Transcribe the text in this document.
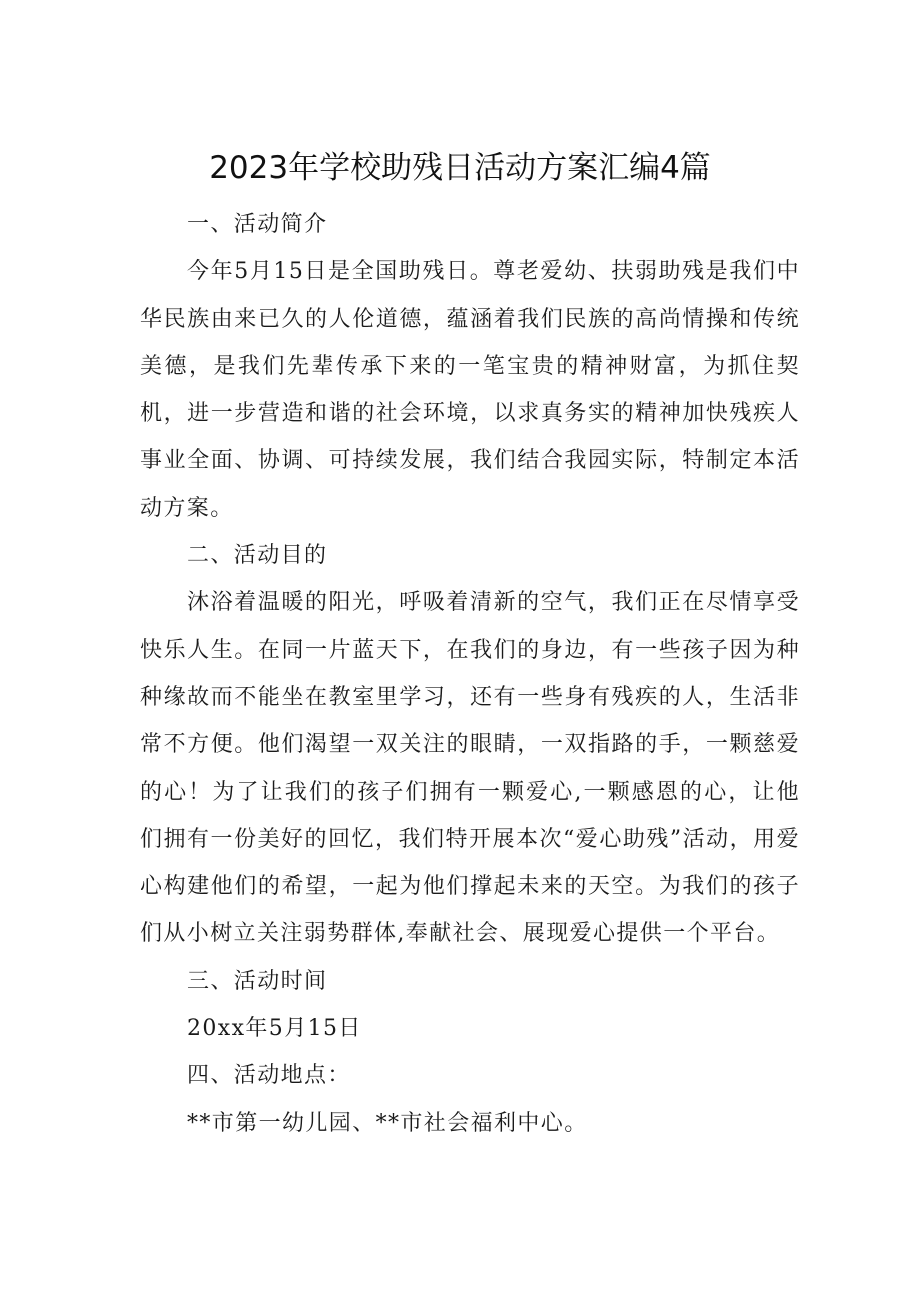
2023年学校助残日活动方案汇编4篇

一、活动简介

今年5月15日是全国助残日。尊老爱幼、扶弱助残是我们中华民族由来已久的人伦道德，蕴涵着我们民族的高尚情操和传统美德，是我们先辈传承下来的一笔宝贵的精神财富，为抓住契机，进一步营造和谐的社会环境，以求真务实的精神加快残疾人事业全面、协调、可持续发展，我们结合我园实际，特制定本活动方案。

二、活动目的

沐浴着温暖的阳光，呼吸着清新的空气，我们正在尽情享受快乐人生。在同一片蓝天下，在我们的身边，有一些孩子因为种种缘故而不能坐在教室里学习，还有一些身有残疾的人，生活非常不方便。他们渴望一双关注的眼睛，一双指路的手，一颗慈爱的心！为了让我们的孩子们拥有一颗爱心,一颗感恩的心，让他们拥有一份美好的回忆，我们特开展本次“爱心助残”活动，用爱心构建他们的希望，一起为他们撑起未来的天空。为我们的孩子们从小树立关注弱势群体,奉献社会、展现爱心提供一个平台。

三、活动时间

20xx年5月15日

四、活动地点：

**市第一幼儿园、**市社会福利中心。
